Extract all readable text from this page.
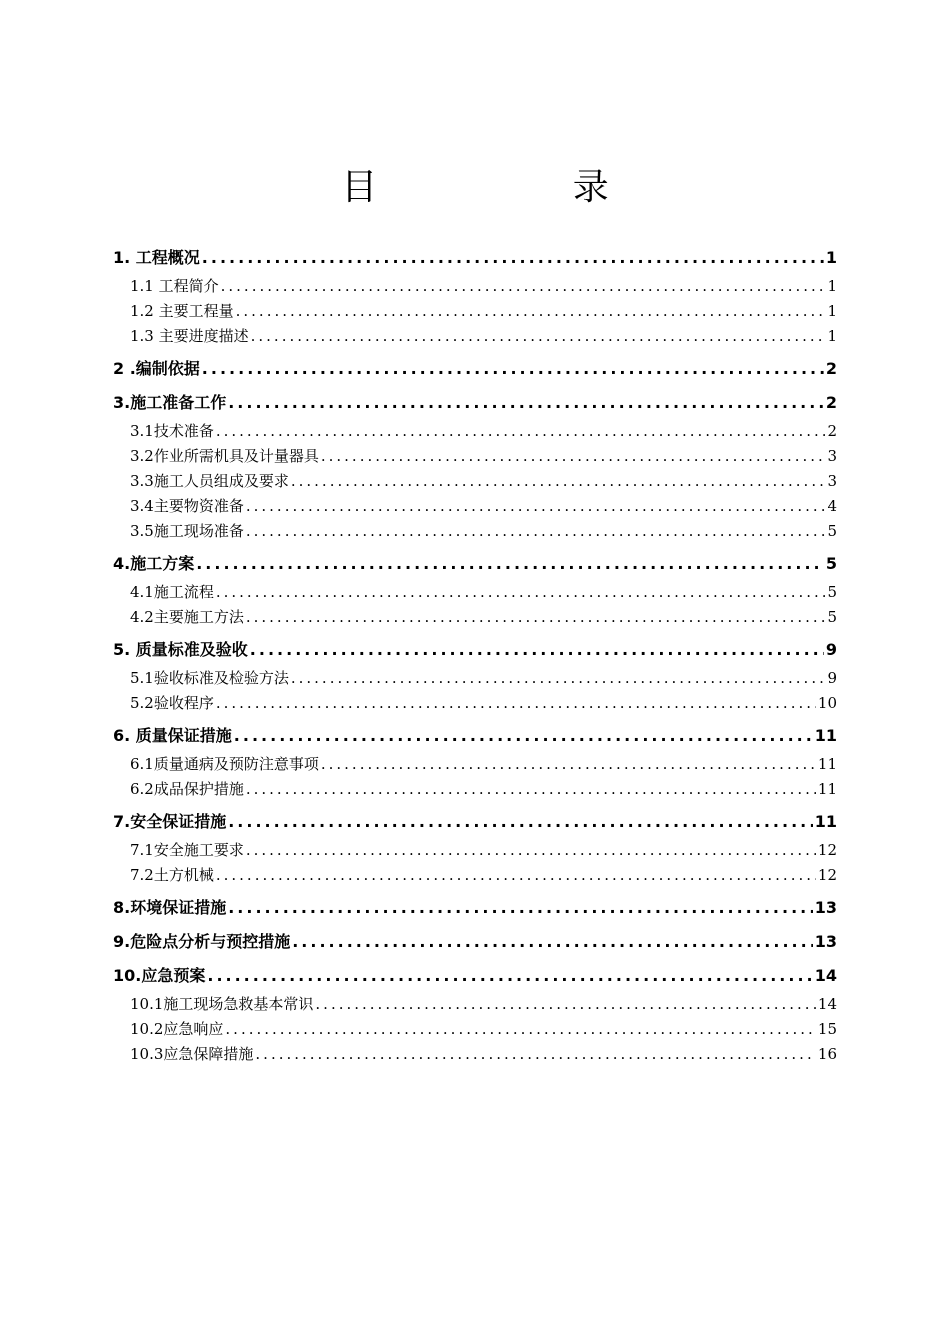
目 录
1. 工程概况 .....	1
1.1 工程简介 .....	1
1.2 主要工程量 .....	1
1.3 主要进度描述 .....	1
2 .编制依据 .....	2
3.施工准备工作 .....	2
3.1技术准备 .....	2
3.2作业所需机具及计量器具 .....	3
3.3施工人员组成及要求 .....	3
3.4主要物资准备 .....	4
3.5施工现场准备 .....	5
4.施工方案 .....	5
4.1施工流程 .....	5
4.2主要施工方法 .....	5
5. 质量标准及验收 .....	9
5.1验收标准及检验方法 .....	9
5.2验收程序 .....	10
6. 质量保证措施 .....	11
6.1质量通病及预防注意事项 .....	11
6.2成品保护措施 .....	11
7.安全保证措施 .....	11
7.1安全施工要求 .....	12
7.2土方机械 .....	12
8.环境保证措施 .....	13
9.危险点分析与预控措施 .....	13
10.应急预案 .....	14
10.1施工现场急救基本常识 .....	14
10.2应急响应 .....	15
10.3应急保障措施 .....	16
